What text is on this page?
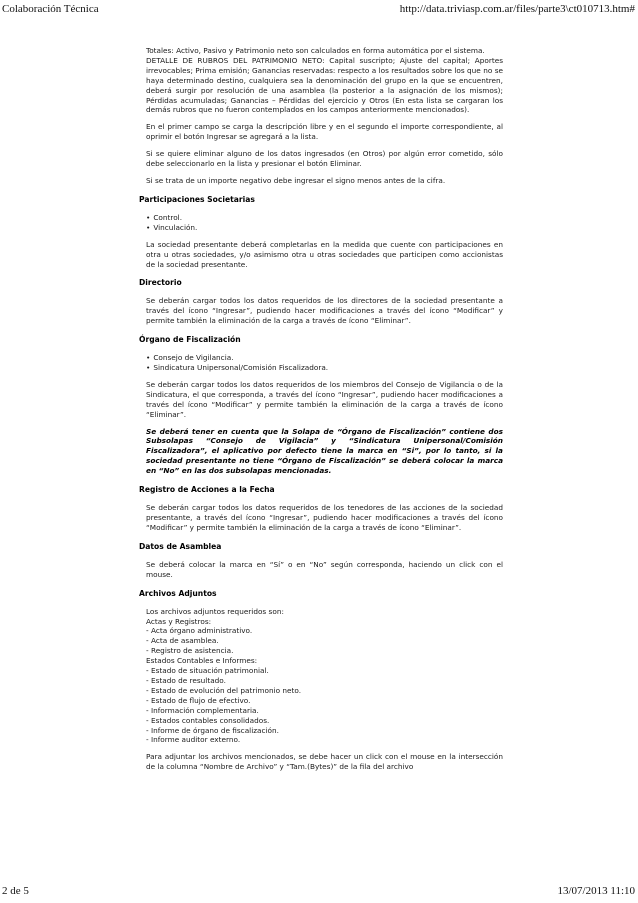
Colaboración Técnica	http://data.triviasp.com.ar/files/parte3\ct010713.htm#

Totales: Activo, Pasivo y Patrimonio neto son calculados en forma automática por el sistema.

DETALLE DE RUBROS DEL PATRIMONIO NETO: Capital suscripto; Ajuste del capital; Aportes irrevocables; Prima emisión; Ganancias reservadas: respecto a los resultados sobre los que no se haya determinado destino, cualquiera sea la denominación del grupo en la que se encuentren, deberá surgir por resolución de una asamblea (la posterior a la asignación de los mismos); Pérdidas acumuladas; Ganancias – Pérdidas del ejercicio y Otros (En esta lista se cargaran los demás rubros que no fueron contemplados en los campos anteriormente mencionados).

En el primer campo se carga la descripción libre y en el segundo el importe correspondiente, al oprimir el botón Ingresar se agregará a la lista.

Si se quiere eliminar alguno de los datos ingresados (en Otros) por algún error cometido, sólo debe seleccionarlo en la lista y presionar el botón Eliminar.

Si se trata de un importe negativo debe ingresar el signo menos antes de la cifra.

Participaciones Societarias
• Control.
• Vinculación.

La sociedad presentante deberá completarlas en la medida que cuente con participaciones en otra u otras sociedades, y/o asimismo otra u otras sociedades que participen como accionistas de la sociedad presentante.

Directorio

Se deberán cargar todos los datos requeridos de los directores de la sociedad presentante a través del ícono “Ingresar”, pudiendo hacer modificaciones a través del ícono “Modificar” y permite también la eliminación de la carga a través de ícono “Eliminar”.

Órgano de Fiscalización
• Consejo de Vigilancia.
• Sindicatura Unipersonal/Comisión Fiscalizadora.

Se deberán cargar todos los datos requeridos de los miembros del Consejo de Vigilancia o de la Sindicatura, el que corresponda, a través del ícono “Ingresar”, pudiendo hacer modificaciones a través del ícono “Modificar” y permite también la eliminación de la carga a través de ícono “Eliminar”.

Se deberá tener en cuenta que la Solapa de “Órgano de Fiscalización” contiene dos Subsolapas “Consejo de Vigilacia” y “Sindicatura Unipersonal/Comisión Fiscalizadora”, el aplicativo por defecto tiene la marca en “Si”, por lo tanto, si la sociedad presentante no tiene “Órgano de Fiscalización” se deberá colocar la marca en “No” en las dos subsolapas mencionadas.

Registro de Acciones a la Fecha

Se deberán cargar todos los datos requeridos de los tenedores de las acciones de la sociedad presentante, a través del ícono “Ingresar”, pudiendo hacer modificaciones a través del ícono “Modificar” y permite también la eliminación de la carga a través de ícono “Eliminar”.

Datos de Asamblea

Se deberá colocar la marca en “Sí” o en “No” según corresponda, haciendo un click con el mouse.

Archivos Adjuntos
Los archivos adjuntos requeridos son:
Actas y Registros:
- Acta órgano administrativo.
- Acta de asamblea.
- Registro de asistencia.
Estados Contables e Informes:
- Estado de situación patrimonial.
- Estado de resultado.
- Estado de evolución del patrimonio neto.
- Estado de flujo de efectivo.
- Información complementaria.
- Estados contables consolidados.
- Informe de órgano de fiscalización.
- Informe auditor externo.

Para adjuntar los archivos mencionados, se debe hacer un click con el mouse en la intersección de la columna “Nombre de Archivo” y “Tam.(Bytes)” de la fila del archivo

2 de 5	13/07/2013 11:10
